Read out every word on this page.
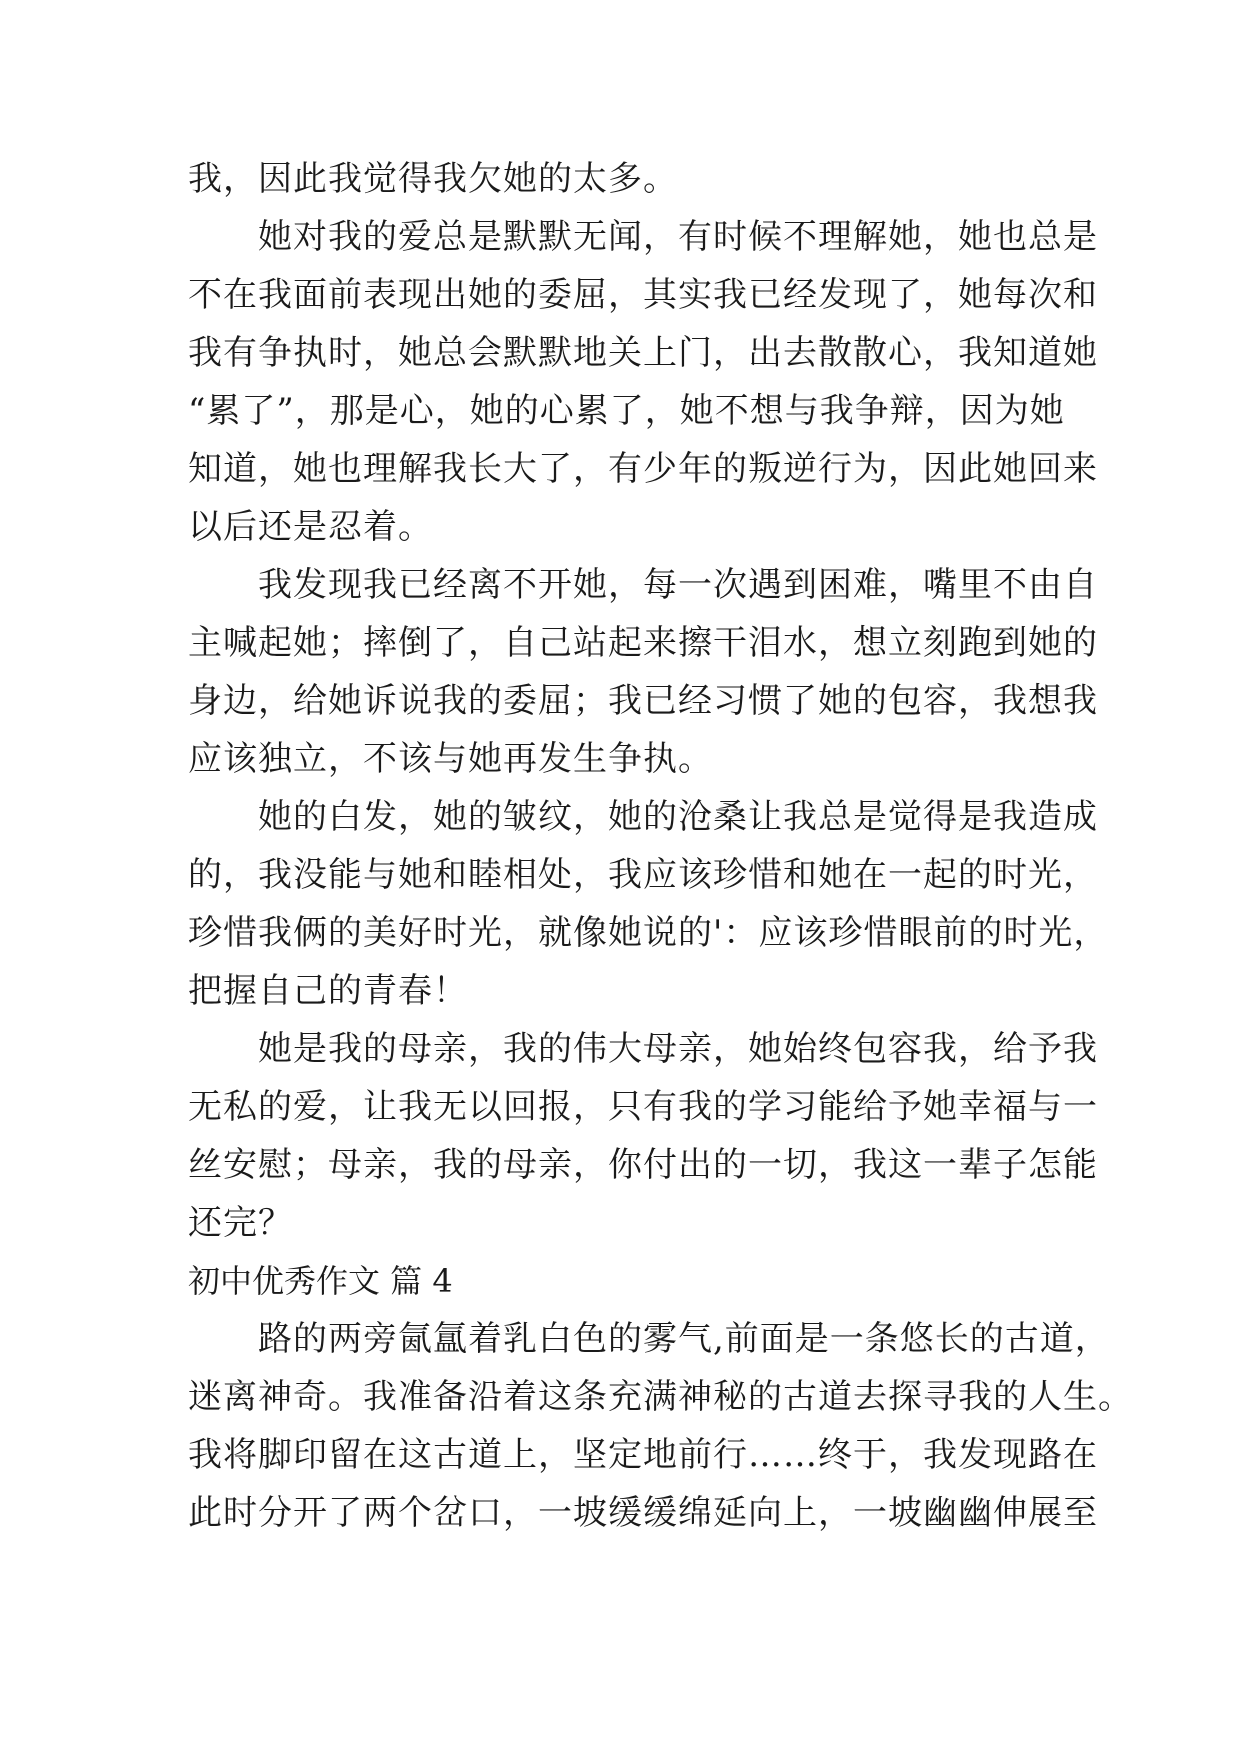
我，因此我觉得我欠她的太多。
　　她对我的爱总是默默无闻，有时候不理解她，她也总是
不在我面前表现出她的委屈，其实我已经发现了，她每次和
我有争执时，她总会默默地关上门，出去散散心，我知道她
“累了”，那是心，她的心累了，她不想与我争辩，因为她
知道，她也理解我长大了，有少年的叛逆行为，因此她回来
以后还是忍着。
　　我发现我已经离不开她，每一次遇到困难，嘴里不由自
主喊起她；摔倒了，自己站起来擦干泪水，想立刻跑到她的
身边，给她诉说我的委屈；我已经习惯了她的包容，我想我
应该独立，不该与她再发生争执。
　　她的白发，她的皱纹，她的沧桑让我总是觉得是我造成
的，我没能与她和睦相处，我应该珍惜和她在一起的时光，
珍惜我俩的美好时光，就像她说的'：应该珍惜眼前的时光，
把握自己的青春！
　　她是我的母亲，我的伟大母亲，她始终包容我，给予我
无私的爱，让我无以回报，只有我的学习能给予她幸福与一
丝安慰；母亲，我的母亲，你付出的一切，我这一辈子怎能
还完？
初中优秀作文 篇 4
　　路的两旁氤氲着乳白色的雾气,前面是一条悠长的古道，
迷离神奇。我准备沿着这条充满神秘的古道去探寻我的人生。
我将脚印留在这古道上，坚定地前行……终于，我发现路在
此时分开了两个岔口，一坡缓缓绵延向上，一坡幽幽伸展至
